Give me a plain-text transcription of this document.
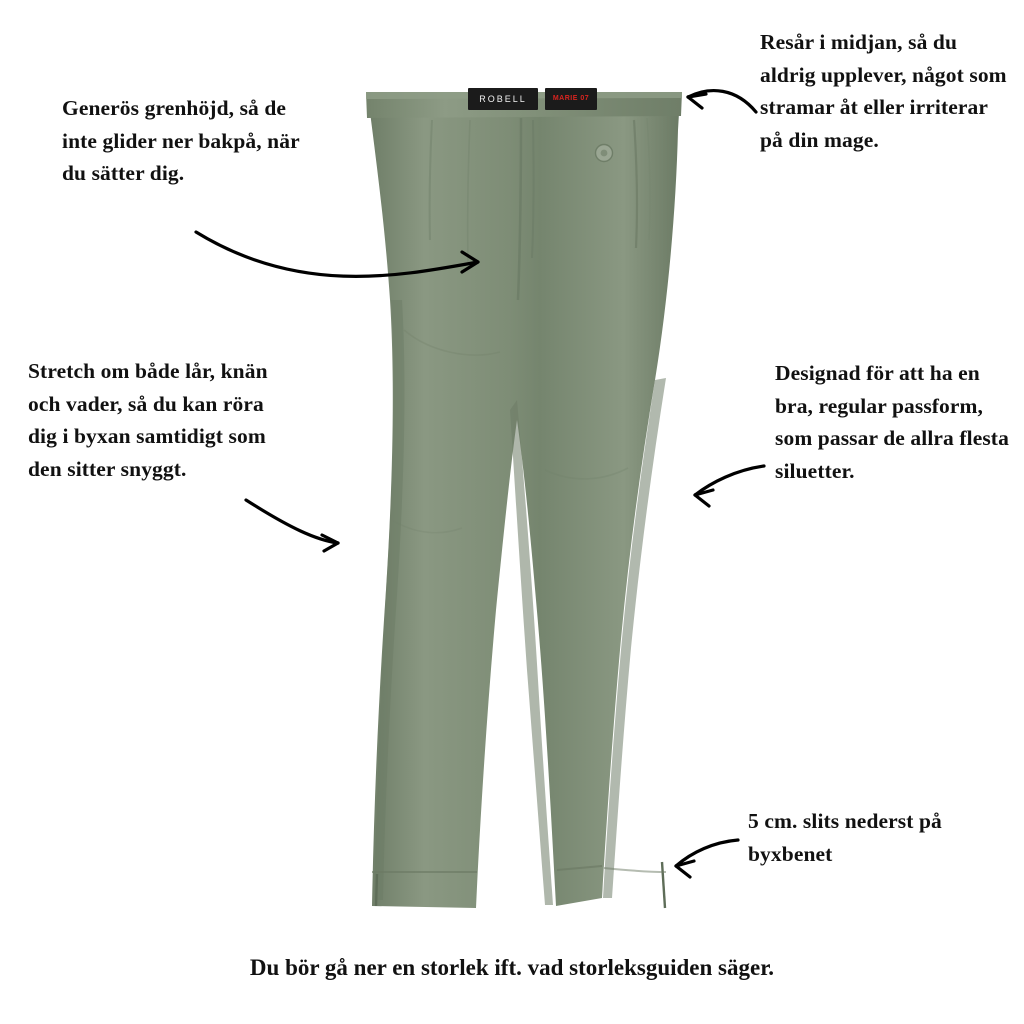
ROBELL	MARIE 07
Generös grenhöjd, så de inte glider ner bakpå, när du sätter dig.
Resår i midjan, så du aldrig upplever, något som stramar åt eller irriterar på din mage.
Stretch om både lår, knän och vader, så du kan röra dig i byxan samtidigt som den sitter snyggt.
Designad för att ha en bra, regular passform, som passar de allra flesta siluetter.
5 cm. slits nederst på byxbenet
Du bör gå ner en storlek ift. vad storleksguiden säger.
